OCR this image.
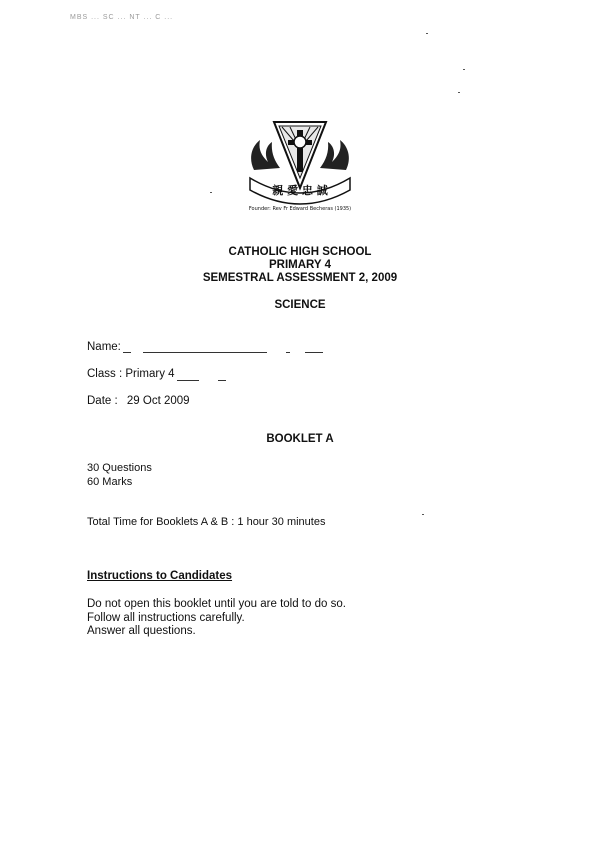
MBS ... SC ... NT ... C ...
親 愛 忠 誠
Founder: Rev Fr Edward Becheras (1935)
CATHOLIC HIGH SCHOOL
PRIMARY 4
SEMESTRAL ASSESSMENT 2, 2009
SCIENCE
Name:
Class : Primary 4
Date : 29 Oct 2009
BOOKLET A
30 Questions
60 Marks
Total Time for Booklets A & B : 1 hour 30 minutes
Instructions to Candidates
Do not open this booklet until you are told to do so.
Follow all instructions carefully.
Answer all questions.
